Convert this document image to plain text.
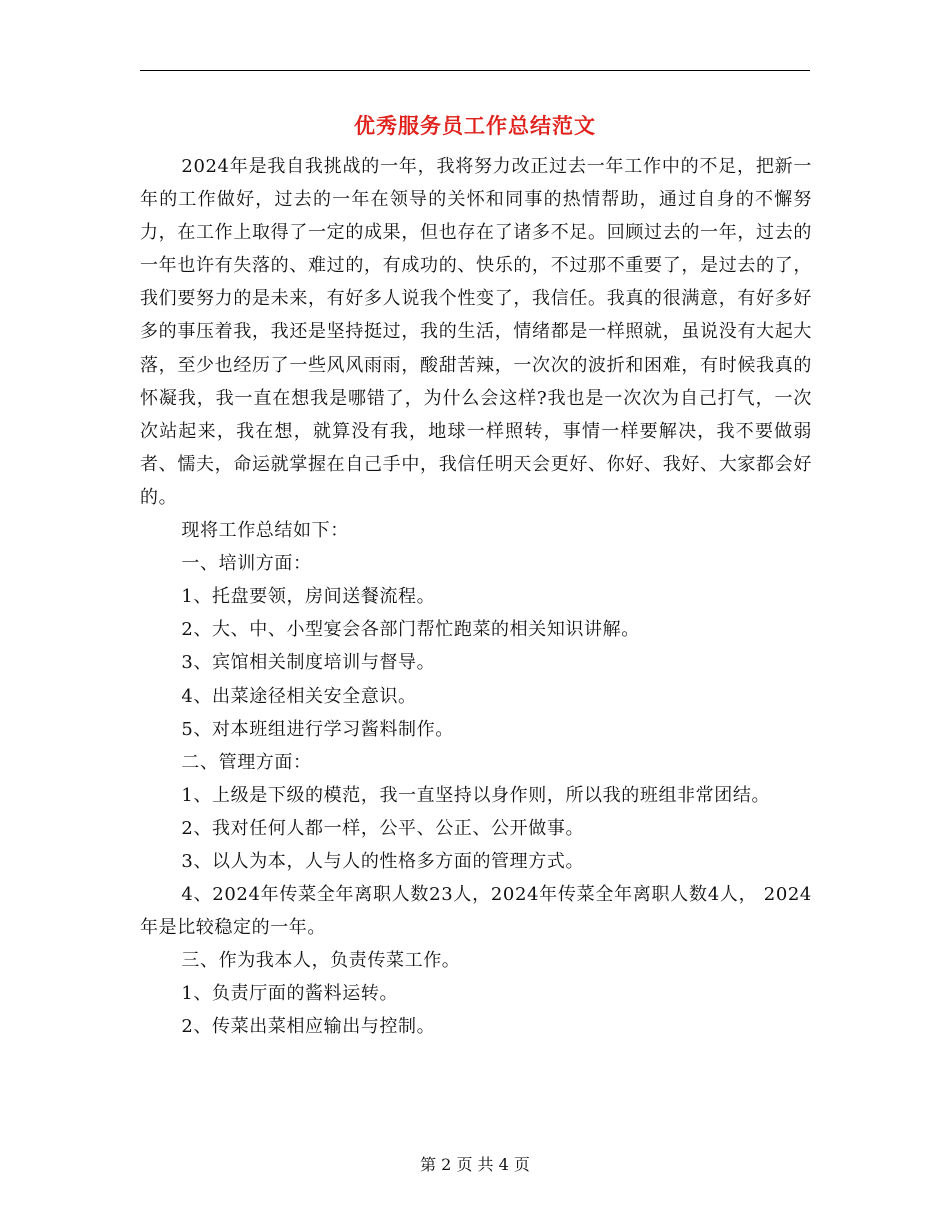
优秀服务员工作总结范文

2024年是我自我挑战的一年，我将努力改正过去一年工作中的不足，把新一年的工作做好，过去的一年在领导的关怀和同事的热情帮助，通过自身的不懈努力，在工作上取得了一定的成果，但也存在了诸多不足。回顾过去的一年，过去的一年也许有失落的、难过的，有成功的、快乐的，不过那不重要了，是过去的了，我们要努力的是未来，有好多人说我个性变了，我信任。我真的很满意，有好多好多的事压着我，我还是坚持挺过，我的生活，情绪都是一样照就，虽说没有大起大落，至少也经历了一些风风雨雨，酸甜苦辣，一次次的波折和困难，有时候我真的怀凝我，我一直在想我是哪错了，为什么会这样?我也是一次次为自己打气，一次次站起来，我在想，就算没有我，地球一样照转，事情一样要解决，我不要做弱者、懦夫，命运就掌握在自己手中，我信任明天会更好、你好、我好、大家都会好的。

现将工作总结如下：

一、培训方面：

1、托盘要领，房间送餐流程。

2、大、中、小型宴会各部门帮忙跑菜的相关知识讲解。

3、宾馆相关制度培训与督导。

4、出菜途径相关安全意识。

5、对本班组进行学习酱料制作。

二、管理方面：

1、上级是下级的模范，我一直坚持以身作则，所以我的班组非常团结。

2、我对任何人都一样，公平、公正、公开做事。

3、以人为本，人与人的性格多方面的管理方式。

4、2024年传菜全年离职人数23人，2024年传菜全年离职人数4人， 2024年是比较稳定的一年。

三、作为我本人，负责传菜工作。

1、负责厅面的酱料运转。

2、传菜出菜相应输出与控制。

第 2 页 共 4 页
